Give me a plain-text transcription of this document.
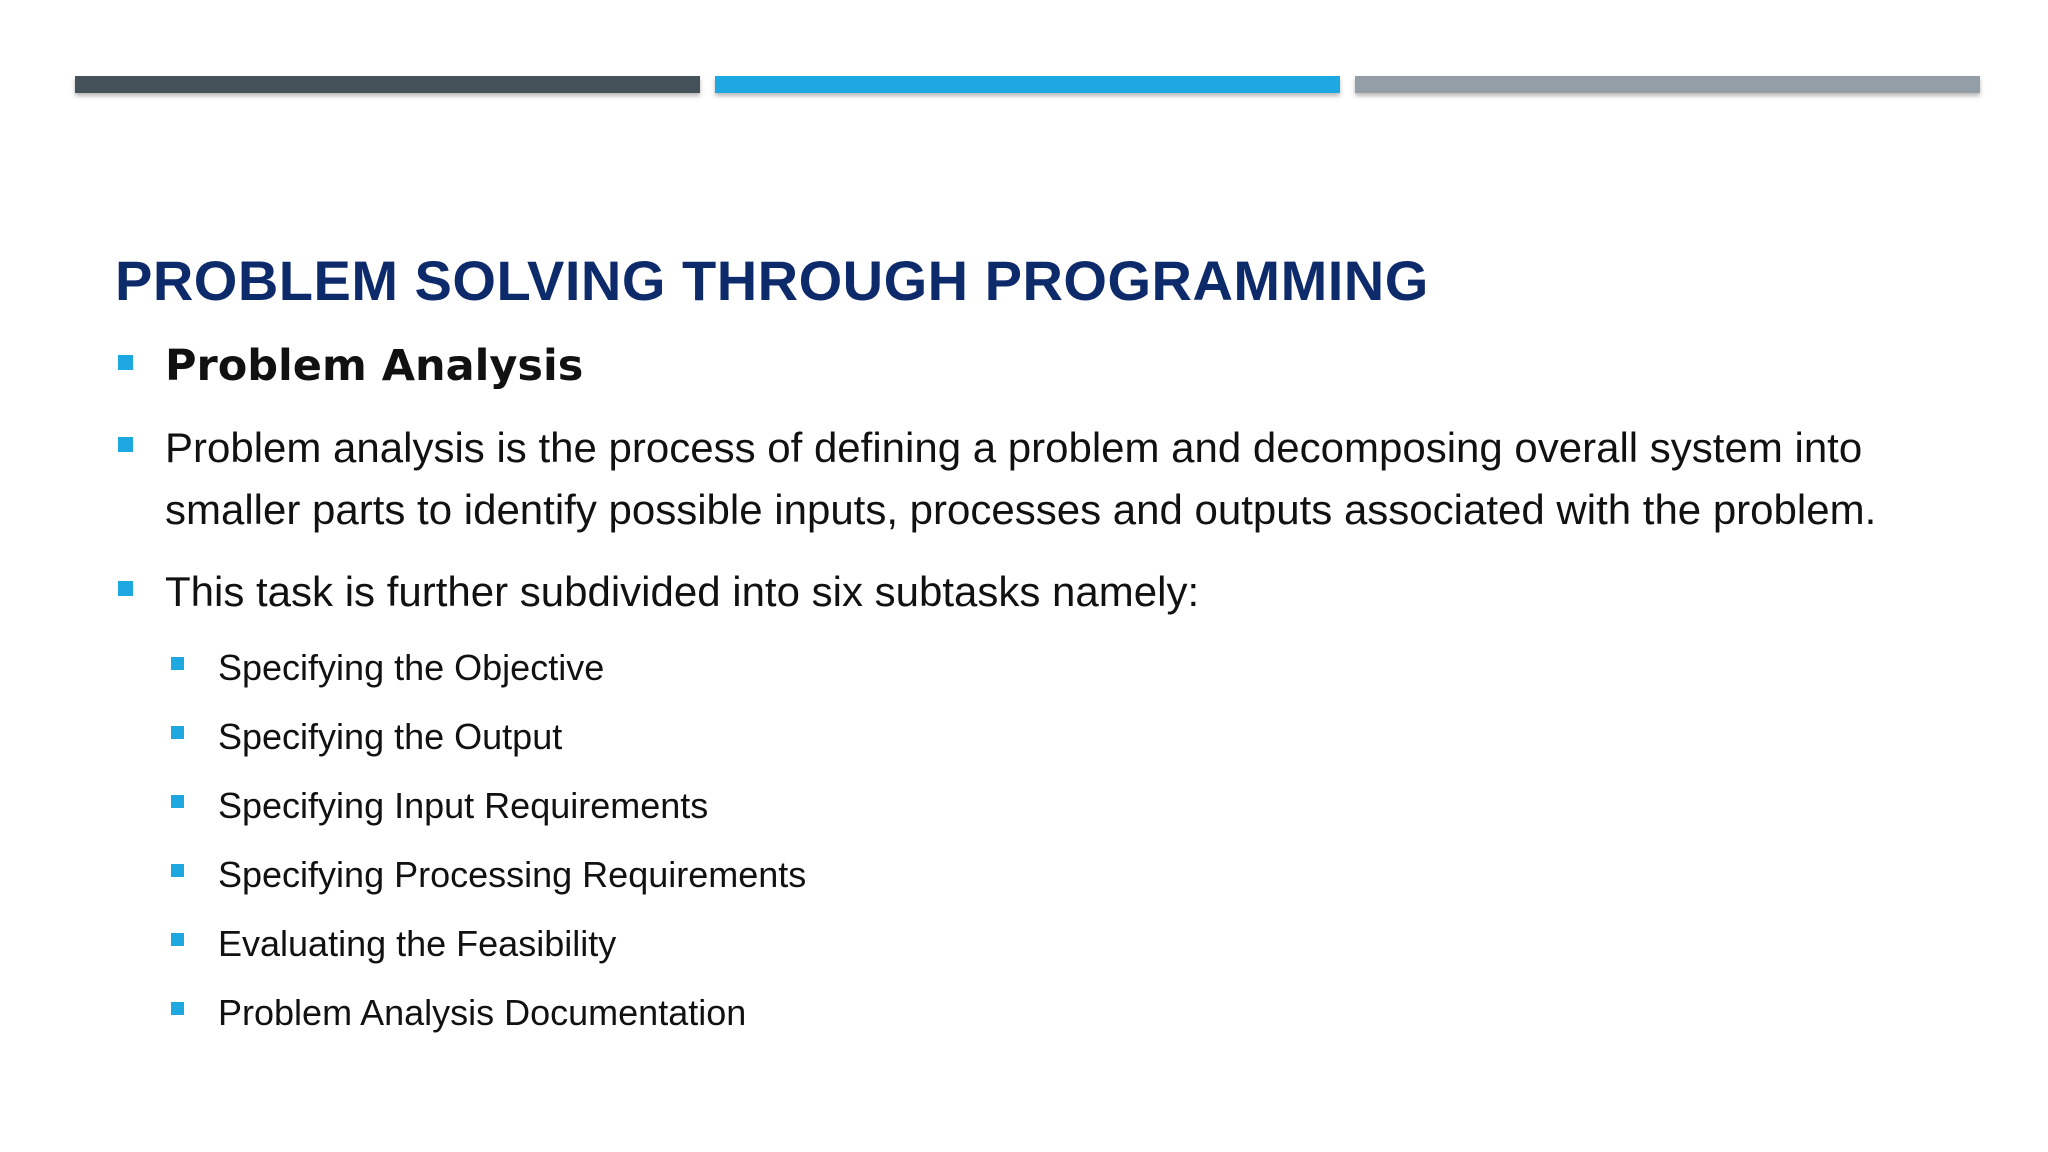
PROBLEM SOLVING THROUGH PROGRAMMING
Problem Analysis
Problem analysis is the process of defining a problem and decomposing overall system into smaller parts to identify possible inputs, processes and outputs associated with the problem.
This task is further subdivided into six subtasks namely:
Specifying the Objective
Specifying the Output
Specifying Input Requirements
Specifying Processing Requirements
Evaluating the Feasibility
Problem Analysis Documentation
